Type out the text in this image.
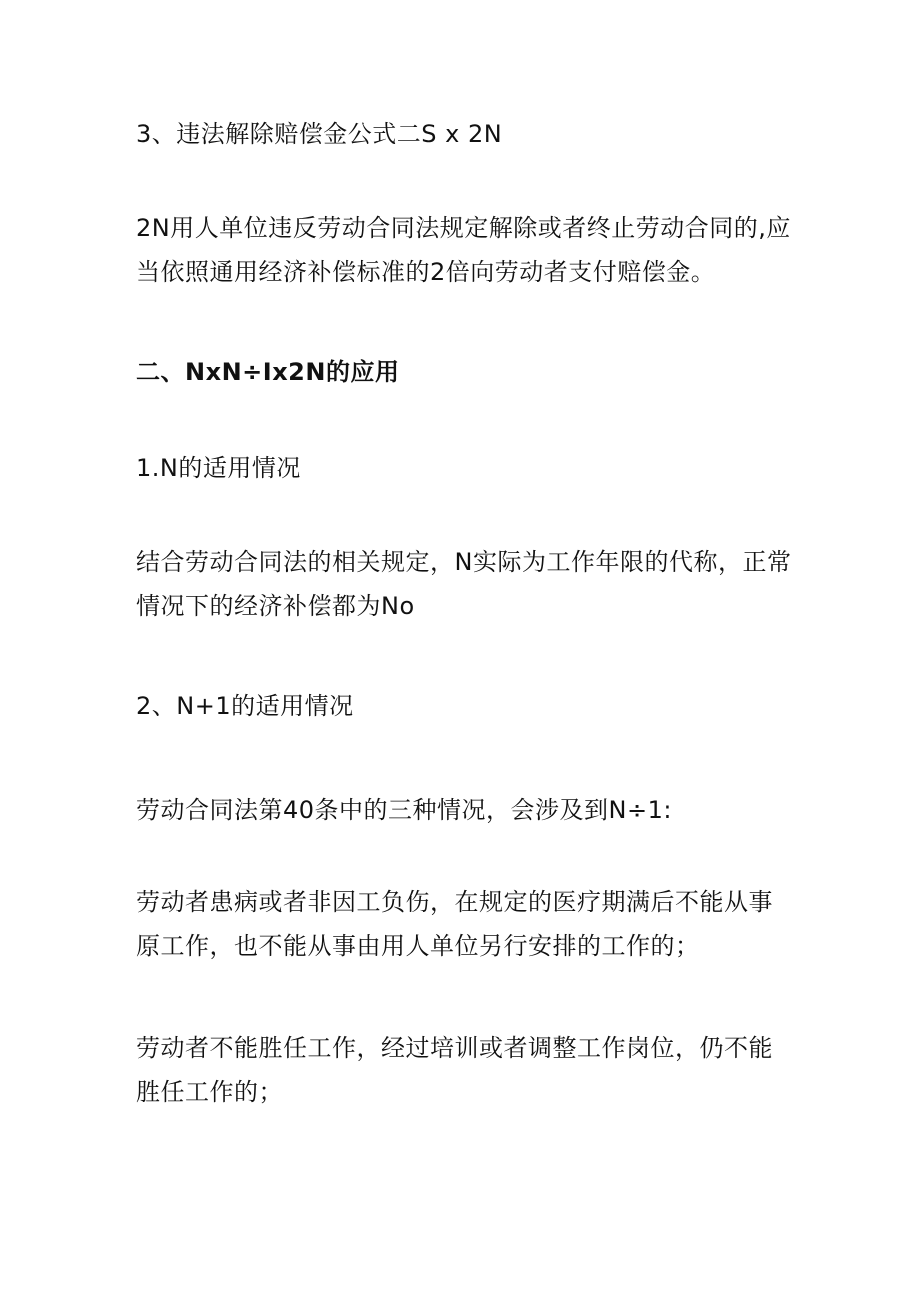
3、违法解除赔偿金公式二S x 2N
2N用人单位违反劳动合同法规定解除或者终止劳动合同的,应当依照通用经济补偿标准的2倍向劳动者支付赔偿金。
二、NxN÷Ix2N的应用
1.N的适用情况
结合劳动合同法的相关规定，N实际为工作年限的代称，正常情况下的经济补偿都为No
2、N+1的适用情况
劳动合同法第40条中的三种情况，会涉及到N÷1:
劳动者患病或者非因工负伤，在规定的医疗期满后不能从事原工作，也不能从事由用人单位另行安排的工作的；
劳动者不能胜任工作，经过培训或者调整工作岗位，仍不能胜任工作的；
